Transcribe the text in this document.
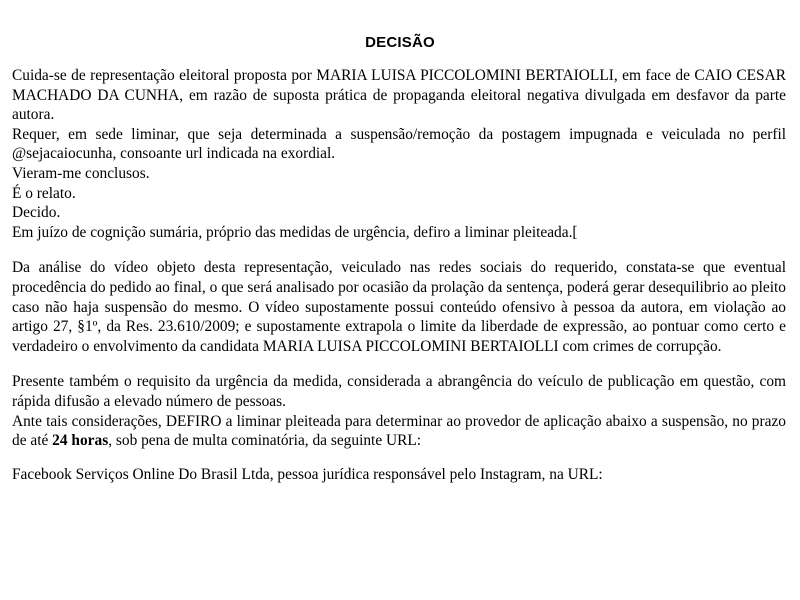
DECISÃO

Cuida-se de representação eleitoral proposta por MARIA LUISA PICCOLOMINI BERTAIOLLI, em face de CAIO CESAR MACHADO DA CUNHA, em razão de suposta prática de propaganda eleitoral negativa divulgada em desfavor da parte autora.

Requer, em sede liminar, que seja determinada a suspensão/remoção da postagem impugnada e veiculada no perfil @sejacaiocunha, consoante url indicada na exordial.

Vieram-me conclusos.

É o relato.

Decido.

Em juízo de cognição sumária, próprio das medidas de urgência, defiro a liminar pleiteada.[

Da análise do vídeo objeto desta representação, veiculado nas redes sociais do requerido, constata-se que eventual procedência do pedido ao final, o que será analisado por ocasião da prolação da sentença, poderá gerar desequilibrio ao pleito caso não haja suspensão do mesmo. O vídeo supostamente possui conteúdo ofensivo à pessoa da autora, em violação ao artigo 27, §1º, da Res. 23.610/2009; e supostamente extrapola o limite da liberdade de expressão, ao pontuar como certo e verdadeiro o envolvimento da candidata MARIA LUISA PICCOLOMINI BERTAIOLLI com crimes de corrupção.

Presente também o requisito da urgência da medida, considerada a abrangência do veículo de publicação em questão, com rápida difusão a elevado número de pessoas.

Ante tais considerações, DEFIRO a liminar pleiteada para determinar ao provedor de aplicação abaixo a suspensão, no prazo de até 24 horas, sob pena de multa cominatória, da seguinte URL:

Facebook Serviços Online Do Brasil Ltda, pessoa jurídica responsável pelo Instagram, na URL:
